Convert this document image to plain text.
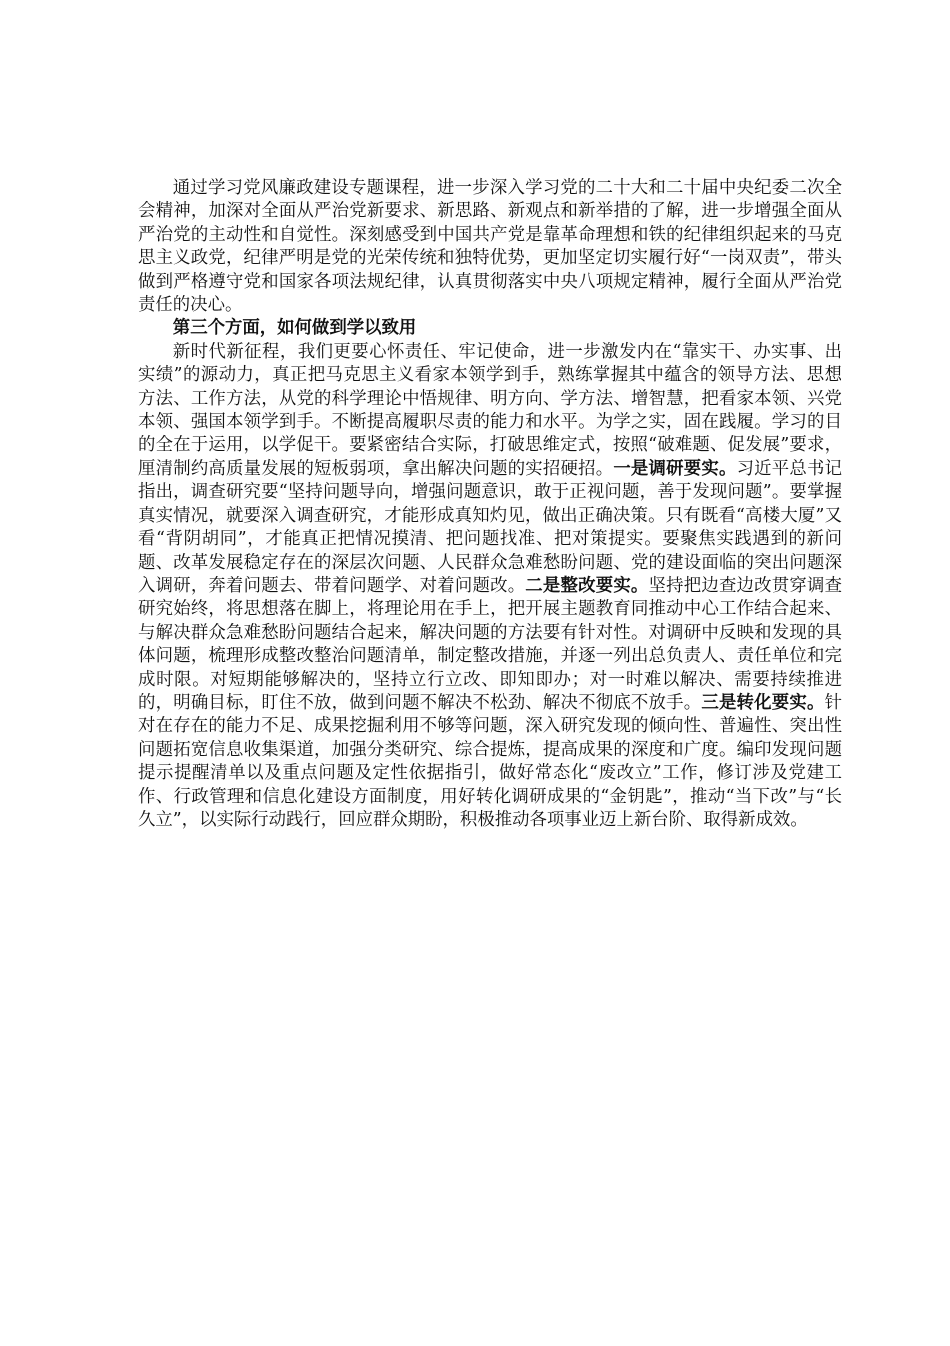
通过学习党风廉政建设专题课程，进一步深入学习党的二十大和二十届中央纪委二次全会精神，加深对全面从严治党新要求、新思路、新观点和新举措的了解，进一步增强全面从严治党的主动性和自觉性。深刻感受到中国共产党是靠革命理想和铁的纪律组织起来的马克思主义政党，纪律严明是党的光荣传统和独特优势，更加坚定切实履行好“一岗双责”，带头做到严格遵守党和国家各项法规纪律，认真贯彻落实中央八项规定精神，履行全面从严治党责任的决心。

第三个方面，如何做到学以致用

新时代新征程，我们更要心怀责任、牢记使命，进一步激发内在“靠实干、办实事、出实绩”的源动力，真正把马克思主义看家本领学到手，熟练掌握其中蕴含的领导方法、思想方法、工作方法，从党的科学理论中悟规律、明方向、学方法、增智慧，把看家本领、兴党本领、强国本领学到手。不断提高履职尽责的能力和水平。为学之实，固在践履。学习的目的全在于运用，以学促干。要紧密结合实际，打破思维定式，按照“破难题、促发展”要求，厘清制约高质量发展的短板弱项，拿出解决问题的实招硬招。一是调研要实。习近平总书记指出，调查研究要“坚持问题导向，增强问题意识，敢于正视问题，善于发现问题”。要掌握真实情况，就要深入调查研究，才能形成真知灼见，做出正确决策。只有既看“高楼大厦”又看“背阴胡同”，才能真正把情况摸清、把问题找准、把对策提实。要聚焦实践遇到的新问题、改革发展稳定存在的深层次问题、人民群众急难愁盼问题、党的建设面临的突出问题深入调研，奔着问题去、带着问题学、对着问题改。二是整改要实。坚持把边查边改贯穿调查研究始终，将思想落在脚上，将理论用在手上，把开展主题教育同推动中心工作结合起来、与解决群众急难愁盼问题结合起来，解决问题的方法要有针对性。对调研中反映和发现的具体问题，梳理形成整改整治问题清单，制定整改措施，并逐一列出总负责人、责任单位和完成时限。对短期能够解决的，坚持立行立改、即知即办；对一时难以解决、需要持续推进的，明确目标，盯住不放，做到问题不解决不松劲、解决不彻底不放手。三是转化要实。针对在存在的能力不足、成果挖掘利用不够等问题，深入研究发现的倾向性、普遍性、突出性问题拓宽信息收集渠道，加强分类研究、综合提炼，提高成果的深度和广度。编印发现问题提示提醒清单以及重点问题及定性依据指引，做好常态化“废改立”工作，修订涉及党建工作、行政管理和信息化建设方面制度，用好转化调研成果的“金钥匙”，推动“当下改”与“长久立”，以实际行动践行，回应群众期盼，积极推动各项事业迈上新台阶、取得新成效。
